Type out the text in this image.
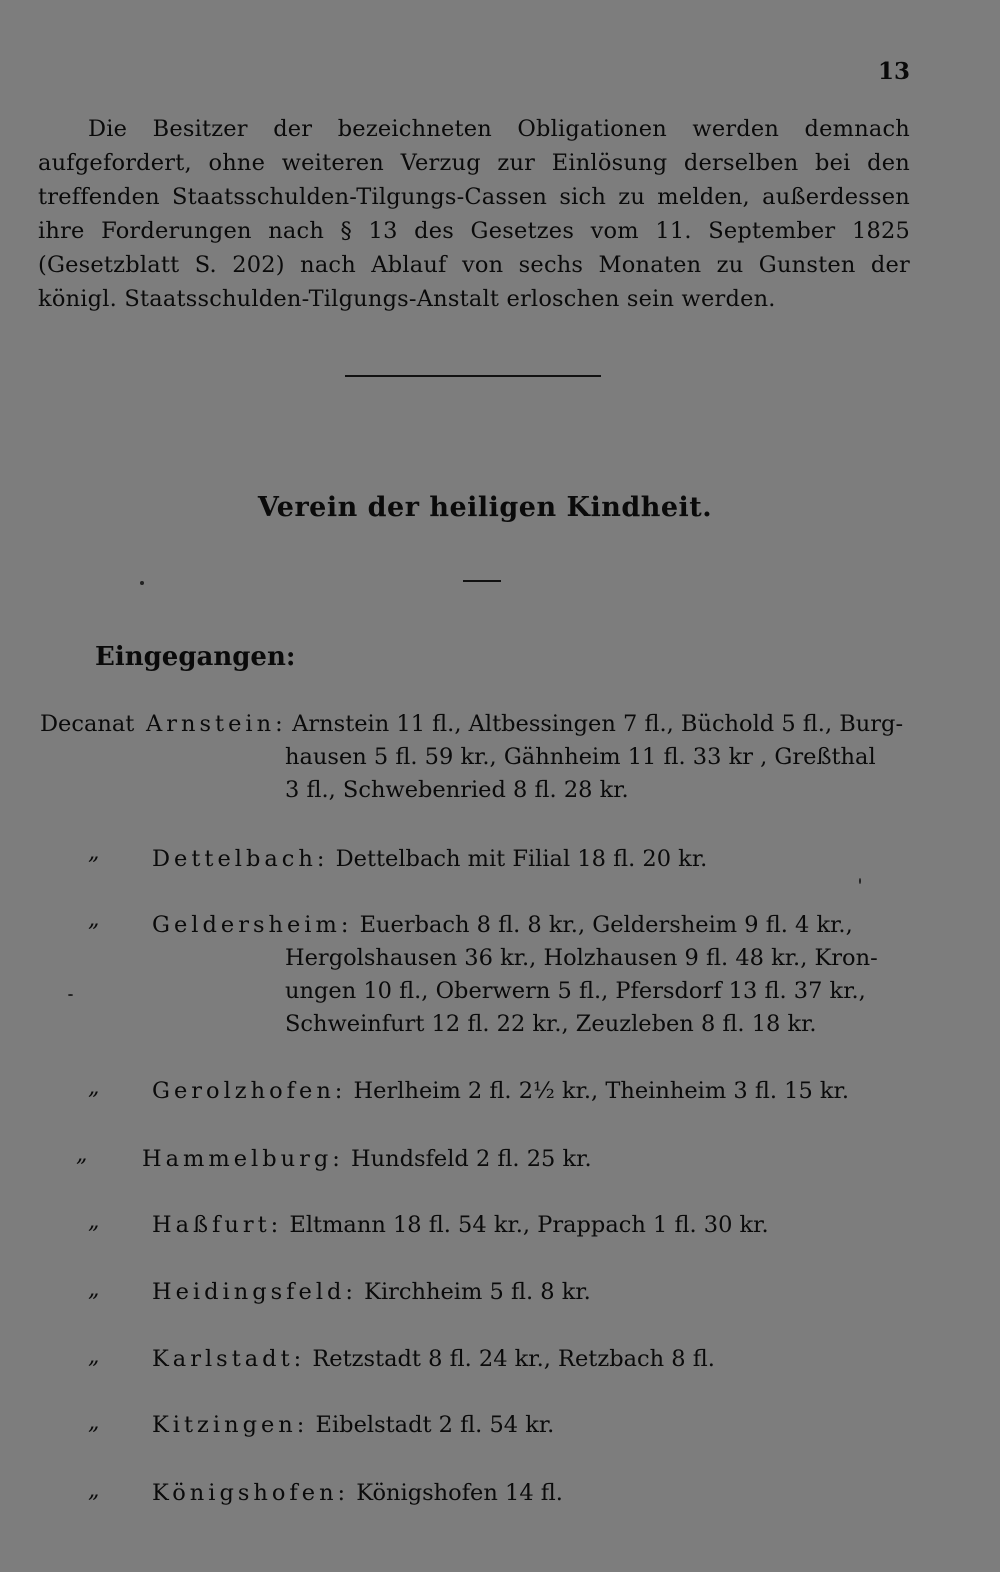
13

Die Besitzer der bezeichneten Obligationen werden demnach aufgefordert, ohne weiteren Verzug zur Einlösung derselben bei den treffenden Staatsschulden-Tilgungs-Cassen sich zu melden, außerdessen ihre Forderungen nach § 13 des Gesetzes vom 11. September 1825 (Gesetzblatt S. 202) nach Ablauf von sechs Monaten zu Gunsten der königl. Staatsschulden-Tilgungs-Anstalt erloschen sein werden.

Verein der heiligen Kindheit.
Eingegangen:
Decanat Arnstein:
Arnstein 11 fl., Altbessingen 7 fl., Büchold 5 fl., Burg-
hausen 5 fl. 59 kr., Gähnheim 11 fl. 33 kr , Greßthal
3 fl., Schwebenried 8 fl. 28 kr.
„ Dettelbach: Dettelbach mit Filial 18 fl. 20 kr.
„ Geldersheim: Euerbach 8 fl. 8 kr., Geldersheim 9 fl. 4 kr.,
Hergolshausen 36 kr., Holzhausen 9 fl. 48 kr., Kron-
ungen 10 fl., Oberwern 5 fl., Pfersdorf 13 fl. 37 kr.,
Schweinfurt 12 fl. 22 kr., Zeuzleben 8 fl. 18 kr.
„ Gerolzhofen: Herlheim 2 fl. 2½ kr., Theinheim 3 fl. 15 kr.
„ Hammelburg: Hundsfeld 2 fl. 25 kr.
„ Haßfurt: Eltmann 18 fl. 54 kr., Prappach 1 fl. 30 kr.
„ Heidingsfeld: Kirchheim 5 fl. 8 kr.
„ Karlstadt: Retzstadt 8 fl. 24 kr., Retzbach 8 fl.
„ Kitzingen: Eibelstadt 2 fl. 54 kr.
„ Königshofen: Königshofen 14 fl.
